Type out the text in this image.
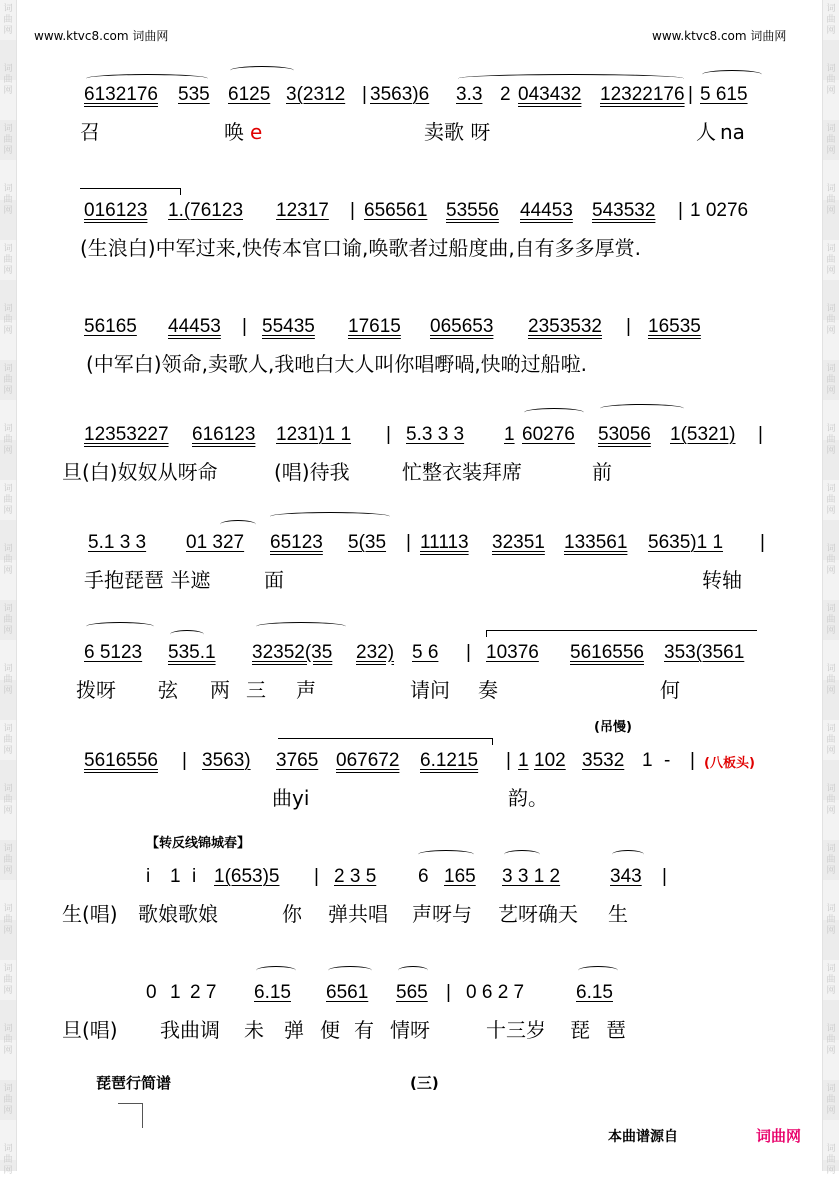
词
曲
网
词
曲
网
词
曲
网
词
曲
网
词
曲
网
词
曲
网
词
曲
网
词
曲
网
词
曲
网
词
曲
网
词
曲
网
词
曲
网
词
曲
网
词
曲
网
词
曲
网
词
曲
网
词
曲
网
词
曲
网
词
曲
网
词
曲
网
词
曲
网
词
曲
网
词
曲
网
词
曲
网
词
曲
网
词
曲
网
词
曲
网
词
曲
网
词
曲
网
词
曲
网
词
曲
网
词
曲
网
词
曲
网
词
曲
网
词
曲
网
词
曲
网
词
曲
网
词
曲
网
词
曲
网
词
曲
网
www.ktvc8.com 词曲网	www.ktvc8.com 词曲网
6132176 535 6125 3(2312 | 3563)6 3.3 2 043432 12322176 | 5 615
召	唤 e	卖歌 呀	人 na
016123 1.(76123 12317 | 656561 53556 44453 543532 | 1 0276
(生浪白)中军过来,快传本官口谕,唤歌者过船度曲,自有多多厚赏.
56165 44453 | 55435 17615 065653 2353532 | 16535
(中军白)领命,卖歌人,我吔白大人叫你唱嘢喎,快啲过船啦.
12353227 616123 1231)1 1 | 5.3 3 3 1 60276 53056 1(5321) |
旦(白)奴奴从呀命	(唱)待我	忙整衣装拜席	前
5.1 3 3 01 327 65123 5(35 | 11113 32351 133561 5635)1 1 |
手抱琵琶 半遮	面	转轴
6 5123 535.1 32352(35 232) 5 6 | 10376 5616556 353(3561
拨呀 弦 两 三 声	请问 奏	何
(吊慢)
5616556 | 3563) 3765 067672 6.1215 | 1 102 3532 1 - | (八板头)
曲yi	韵。
【转反线锦城春】
i 1 i 1(653)5 | 2 3 5 6 165 3 3 1 2	343 |
生(唱) 歌娘歌娘	你 弹共唱 声呀与 艺呀确天 生
0 1 2 7 6.15 6561 565 | 0 6 2 7	6.15
旦(唱) 我曲调 未 弹 便 有 情呀	十三岁 琵 琶
琵琶行简谱	(三)
本曲谱源自	词曲网
